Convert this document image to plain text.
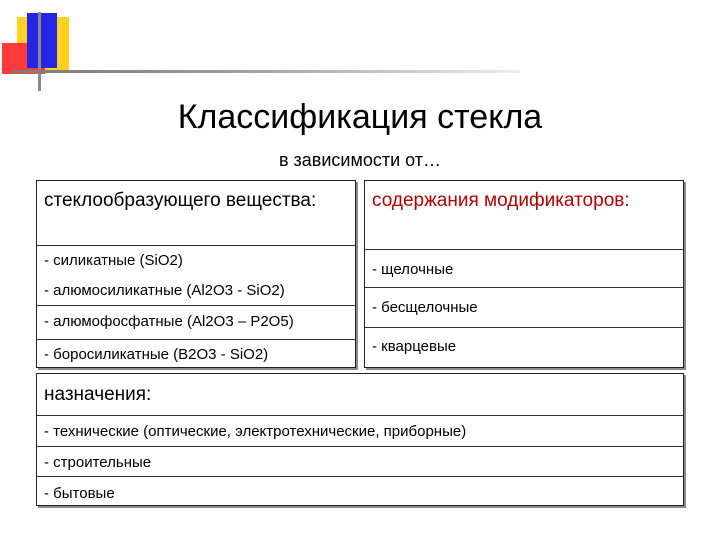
Классификация стекла
в зависимости от…
стеклообразующего вещества:
- силикатные (SiO2)
- алюмосиликатные (Al2O3 - SiO2)
- алюмофосфатные (Al2O3 – P2O5)
- боросиликатные (B2O3 - SiO2)
содержания модификаторов:
- щелочные
- бесщелочные
- кварцевые
назначения:
- технические (оптические, электротехнические, приборные)
- строительные
- бытовые
